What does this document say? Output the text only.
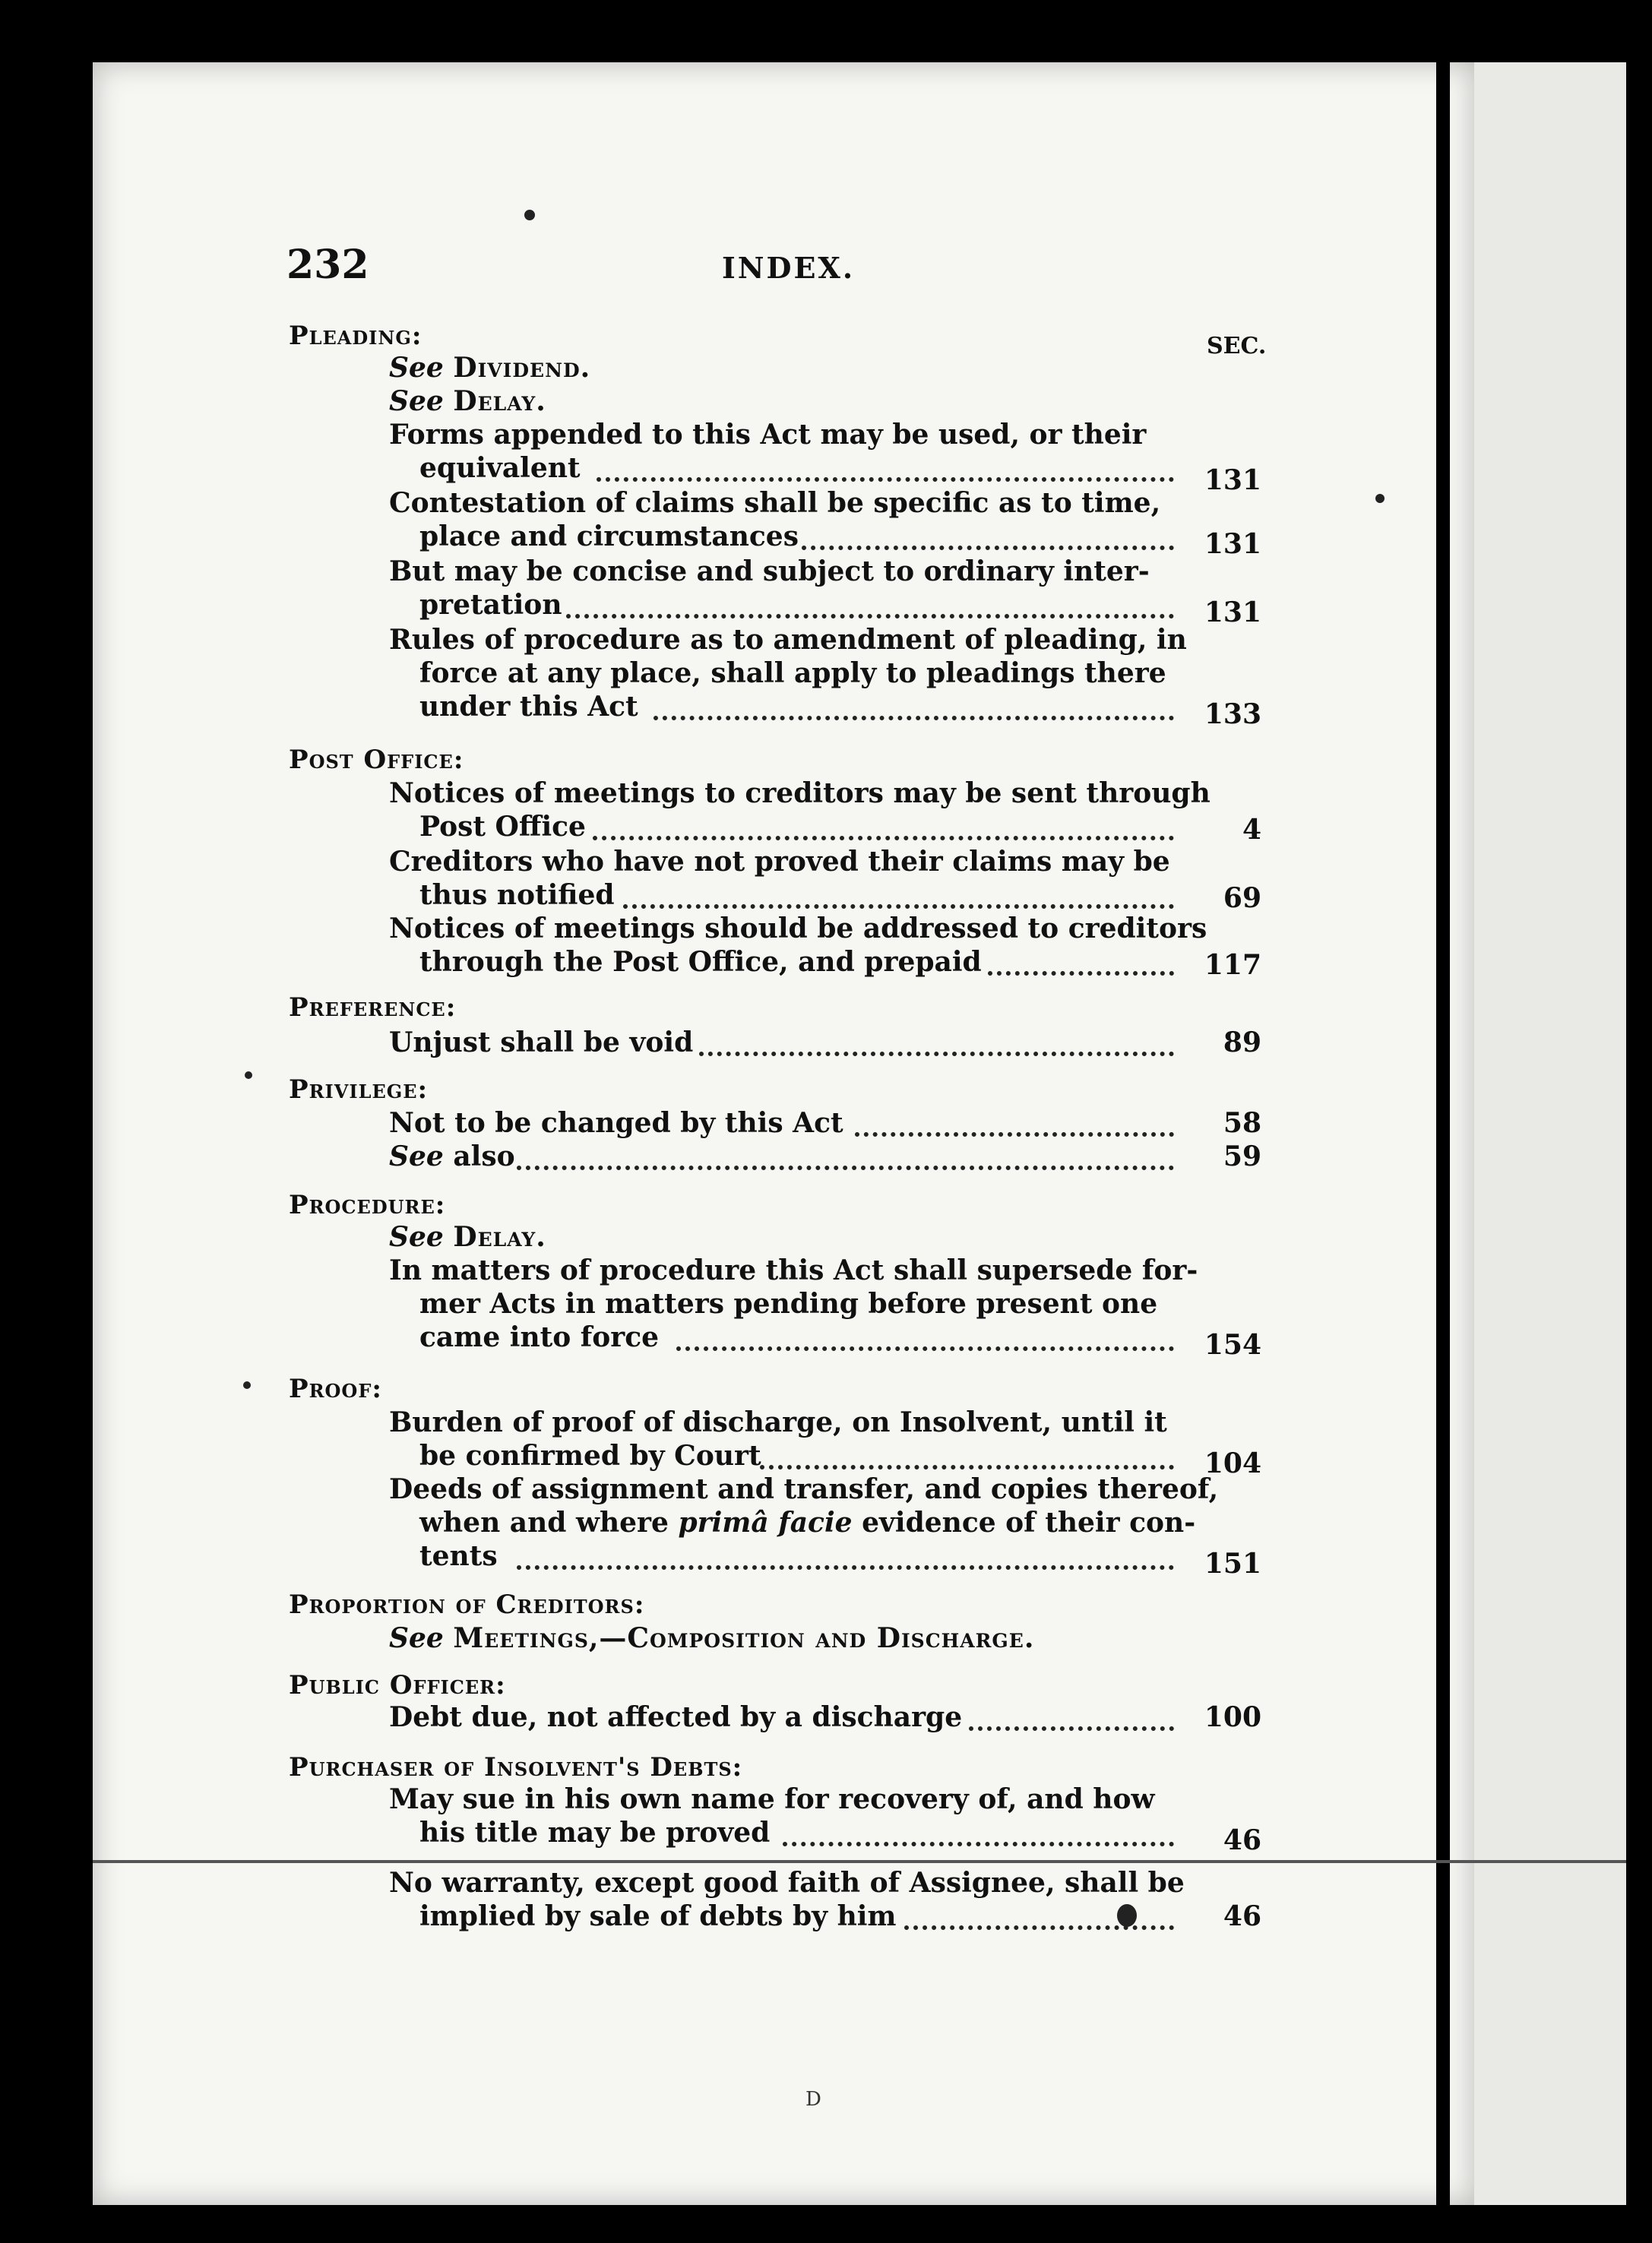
232	INDEX.
SEC.
Pleading:
See Dividend.
See Delay.
Forms appended to this Act may be used, or their
equivalent	131
Contestation of claims shall be specific as to time,
place and circumstances	131
But may be concise and subject to ordinary inter-
pretation	131
Rules of procedure as to amendment of pleading, in
force at any place, shall apply to pleadings there
under this Act	133
Post Office:
Notices of meetings to creditors may be sent through
Post Office	4
Creditors who have not proved their claims may be
thus notified	69
Notices of meetings should be addressed to creditors
through the Post Office, and prepaid	117
Preference:
Unjust shall be void	89
Privilege:
Not to be changed by this Act	58
See also	59
Procedure:
See Delay.
In matters of procedure this Act shall supersede for-
mer Acts in matters pending before present one
came into force	154
Proof:
Burden of proof of discharge, on Insolvent, until it
be confirmed by Court	104
Deeds of assignment and transfer, and copies thereof,
when and where primâ facie evidence of their con-
tents	151
Proportion of Creditors:
See Meetings,—Composition and Discharge.
Public Officer:
Debt due, not affected by a discharge	100
Purchaser of Insolvent's Debts:
May sue in his own name for recovery of, and how
his title may be proved	46
No warranty, except good faith of Assignee, shall be
implied by sale of debts by him	46
D
